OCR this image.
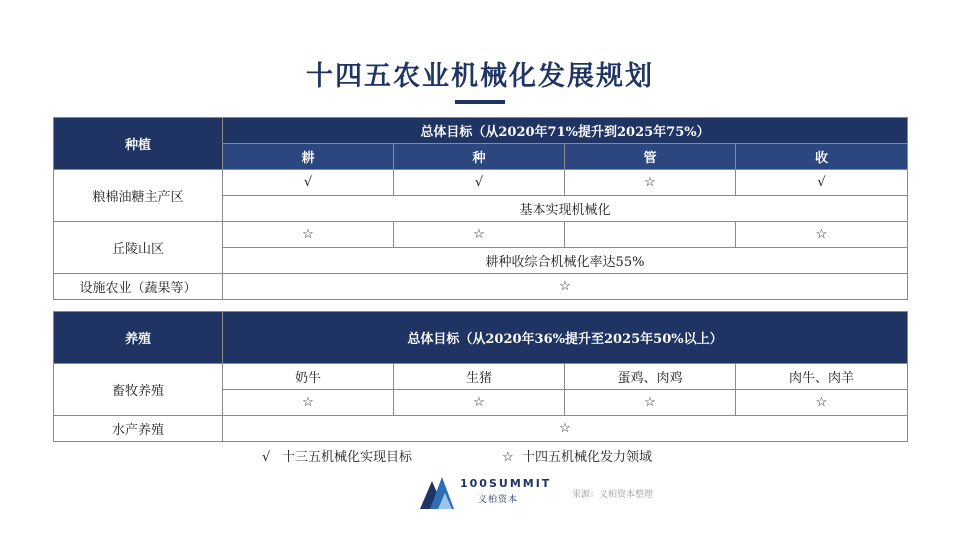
十四五农业机械化发展规划
种植	总体目标（从2020年71%提升到2025年75%）			
	耕	种	管	收
粮棉油糖主产区	√	√	☆	√
	基本实现机械化			
丘陵山区	☆	☆		☆
	耕种收综合机械化率达55%			
设施农业（蔬果等）	☆			
养殖	总体目标（从2020年36%提升至2025年50%以上）			
畜牧养殖	奶牛	生猪	蛋鸡、肉鸡	肉牛、肉羊
	☆	☆	☆	☆
水产养殖	☆			
√ 十三五机械化实现目标	☆ 十四五机械化发力领域
100SUMMIT
义柏资本	来源：义柏资本整理
